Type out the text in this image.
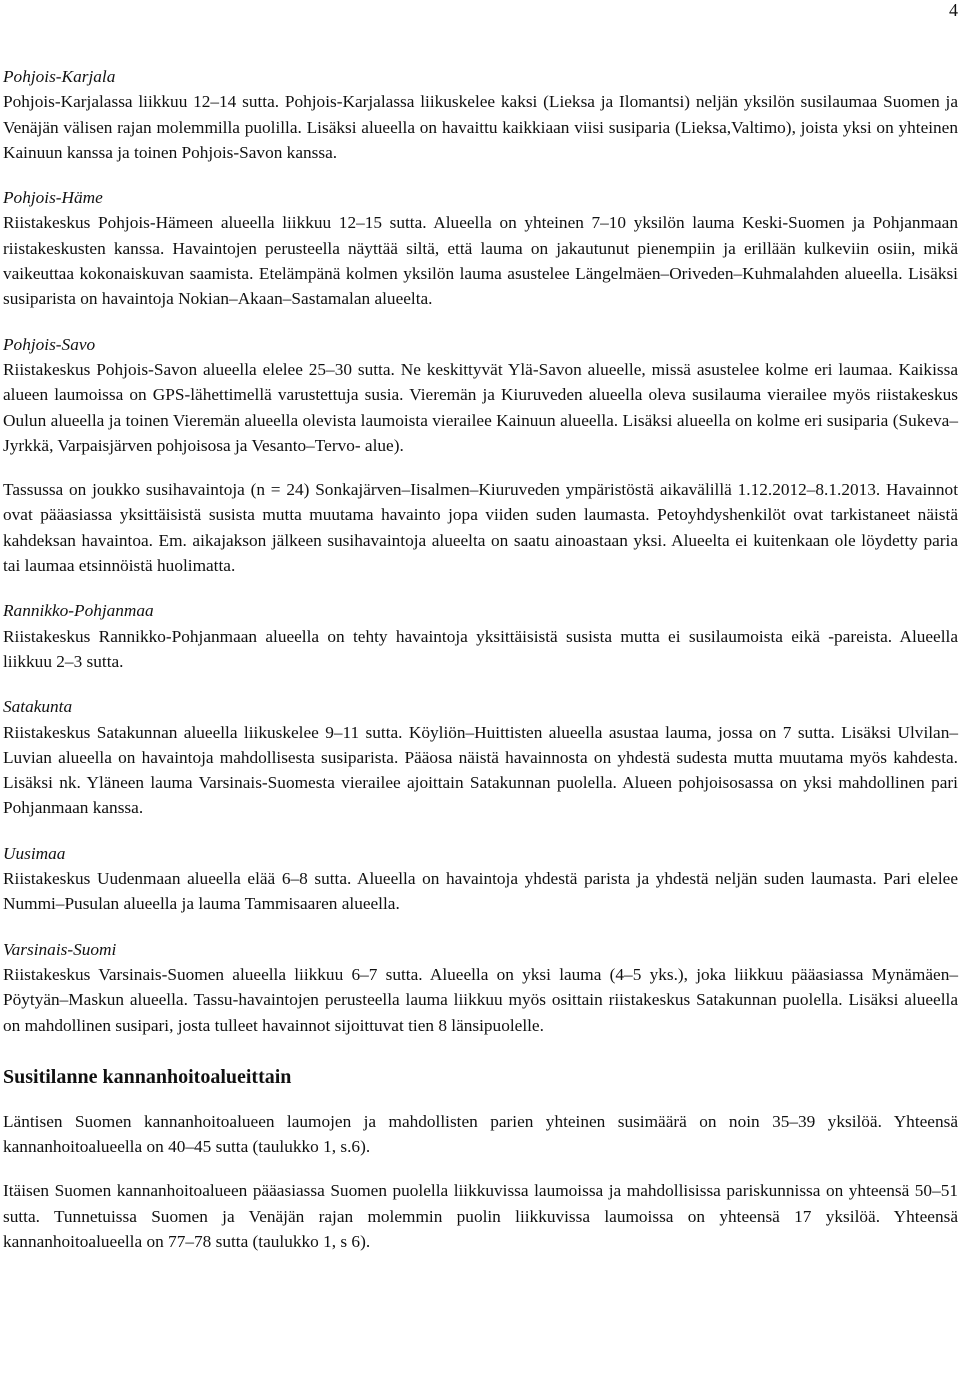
4

Pohjois-Karjala

Pohjois-Karjalassa liikkuu 12–14 sutta. Pohjois-Karjalassa liikuskelee kaksi (Lieksa ja Ilomantsi) neljän yksilön susilaumaa Suomen ja Venäjän välisen rajan molemmilla puolilla. Lisäksi alueella on havaittu kaikkiaan viisi susiparia (Lieksa,Valtimo), joista yksi on yhteinen Kainuun kanssa ja toinen Pohjois-Savon kanssa.

Pohjois-Häme

Riistakeskus Pohjois-Hämeen alueella liikkuu 12–15 sutta. Alueella on yhteinen 7–10 yksilön lauma Keski-Suomen ja Pohjanmaan riistakeskusten kanssa. Havaintojen perusteella näyttää siltä, että lauma on jakautunut pienempiin ja erillään kulkeviin osiin, mikä vaikeuttaa kokonaiskuvan saamista. Etelämpänä kolmen yksilön lauma asustelee Längelmäen–Oriveden–Kuhmalahden alueella. Lisäksi susiparista on havaintoja Nokian–Akaan–Sastamalan alueelta.

Pohjois-Savo

Riistakeskus Pohjois-Savon alueella elelee 25–30 sutta. Ne keskittyvät Ylä-Savon alueelle, missä asustelee kolme eri laumaa. Kaikissa alueen laumoissa on GPS-lähettimellä varustettuja susia. Vieremän ja Kiuruveden alueella oleva susilauma vierailee myös riistakeskus Oulun alueella ja toinen Vieremän alueella olevista laumoista vierailee Kainuun alueella. Lisäksi alueella on kolme eri susiparia (Sukeva–Jyrkkä, Varpaisjärven pohjoisosa ja Vesanto–Tervo- alue).

Tassussa on joukko susihavaintoja (n = 24) Sonkajärven–Iisalmen–Kiuruveden ympäristöstä aikavälillä 1.12.2012–8.1.2013. Havainnot ovat pääasiassa yksittäisistä susista mutta muutama havainto jopa viiden suden laumasta. Petoyhdyshenkilöt ovat tarkistaneet näistä kahdeksan havaintoa. Em. aikajakson jälkeen susihavaintoja alueelta on saatu ainoastaan yksi. Alueelta ei kuitenkaan ole löydetty paria tai laumaa etsinnöistä huolimatta.

Rannikko-Pohjanmaa

Riistakeskus Rannikko-Pohjanmaan alueella on tehty havaintoja yksittäisistä susista mutta ei susilaumoista eikä -pareista. Alueella liikkuu 2–3 sutta.

Satakunta

Riistakeskus Satakunnan alueella liikuskelee 9–11 sutta. Köyliön–Huittisten alueella asustaa lauma, jossa on 7 sutta. Lisäksi Ulvilan–Luvian alueella on havaintoja mahdollisesta susiparista. Pääosa näistä havainnosta on yhdestä sudesta mutta muutama myös kahdesta. Lisäksi nk. Yläneen lauma Varsinais-Suomesta vierailee ajoittain Satakunnan puolella. Alueen pohjoisosassa on yksi mahdollinen pari Pohjanmaan kanssa.

Uusimaa

Riistakeskus Uudenmaan alueella elää 6–8 sutta. Alueella on havaintoja yhdestä parista ja yhdestä neljän suden laumasta. Pari elelee Nummi–Pusulan alueella ja lauma Tammisaaren alueella.

Varsinais-Suomi

Riistakeskus Varsinais-Suomen alueella liikkuu 6–7 sutta. Alueella on yksi lauma (4–5 yks.), joka liikkuu pääasiassa Mynämäen–Pöytyän–Maskun alueella. Tassu-havaintojen perusteella lauma liikkuu myös osittain riistakeskus Satakunnan puolella. Lisäksi alueella on mahdollinen susipari, josta tulleet havainnot sijoittuvat tien 8 länsipuolelle.

Susitilanne kannanhoitoalueittain

Läntisen Suomen kannanhoitoalueen laumojen ja mahdollisten parien yhteinen susimäärä on noin 35–39 yksilöä. Yhteensä kannanhoitoalueella on 40–45 sutta (taulukko 1, s.6).

Itäisen Suomen kannanhoitoalueen pääasiassa Suomen puolella liikkuvissa laumoissa ja mahdollisissa pariskunnissa on yhteensä 50–51 sutta. Tunnetuissa Suomen ja Venäjän rajan molemmin puolin liikkuvissa laumoissa on yhteensä 17 yksilöä. Yhteensä kannanhoitoalueella on 77–78 sutta (taulukko 1, s 6).
